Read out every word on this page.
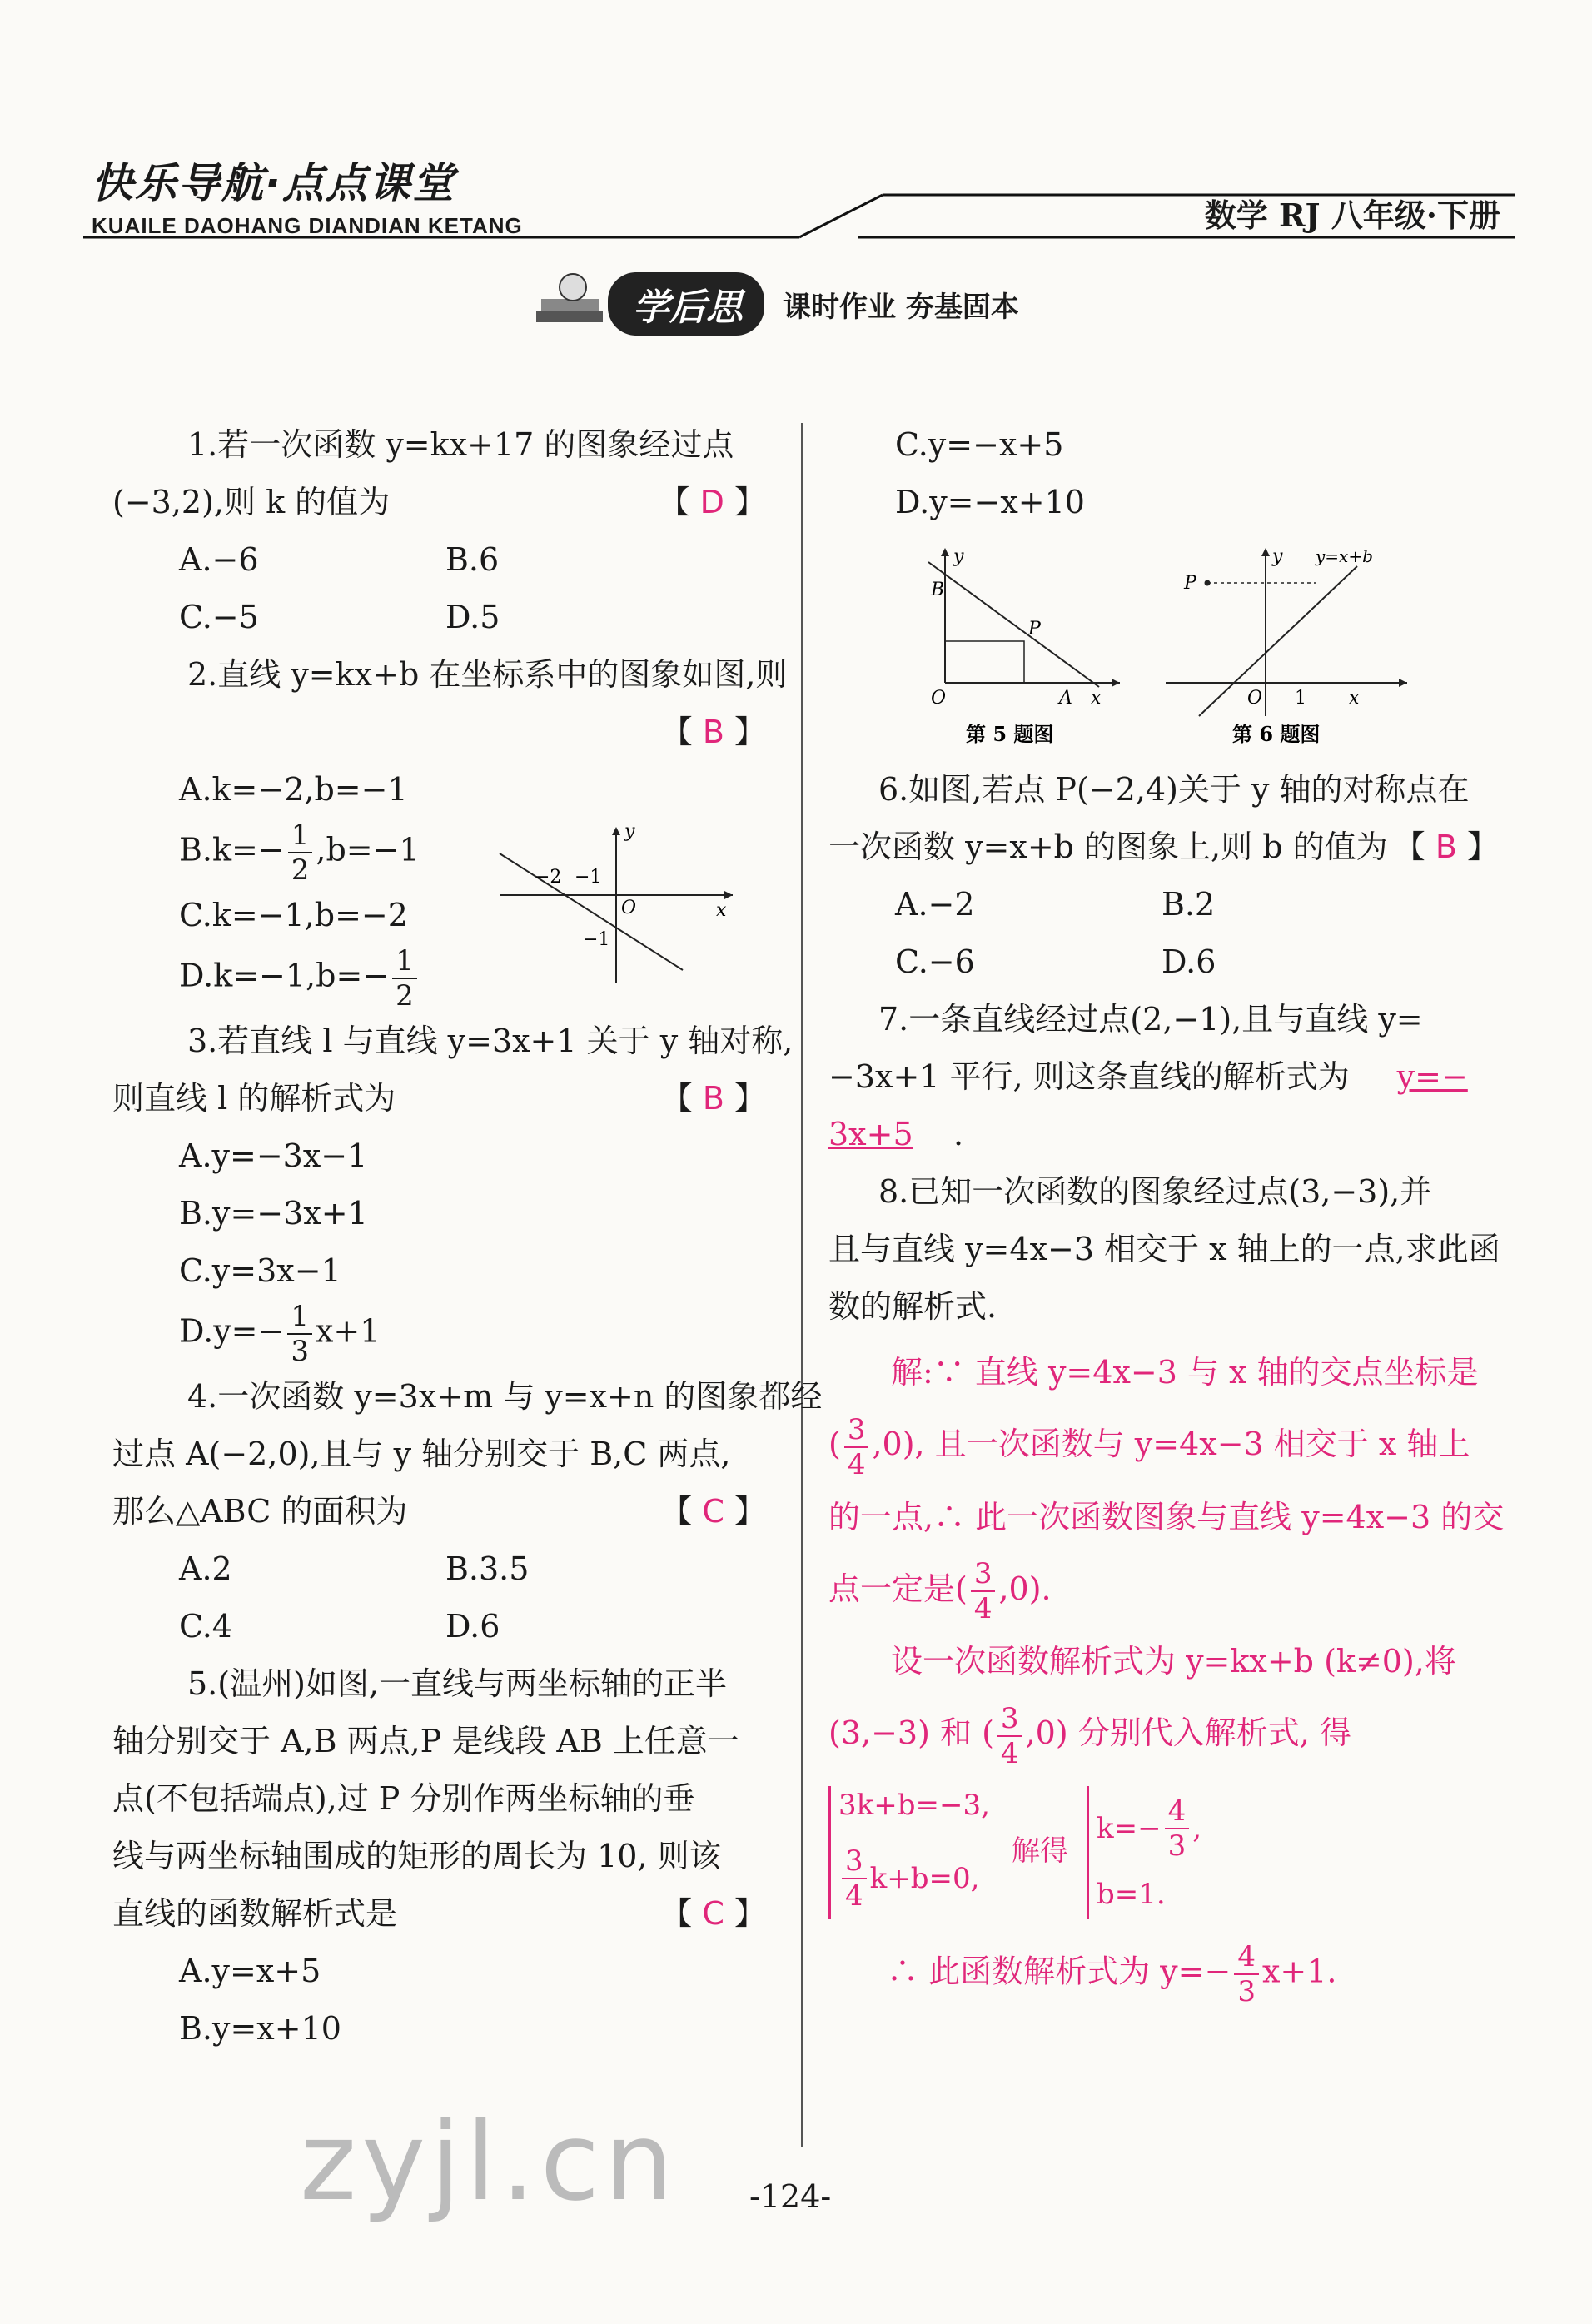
快乐导航·点点课堂
KUAILE DAOHANG DIANDIAN KETANG	数学 RJ 八年级·下册
学后思	课时作业 夯基固本

1.若一次函数 y=kx+17 的图象经过点

(−3,2),则 k 的值为	【 D 】

A.−6	B.6

C.−5	D.5

2.直线 y=kx+b 在坐标系中的图象如图,则

【 B 】

A.k=−2,b=−1

$B.k=- \frac{1}{2} ,b=-1$

C.k=−1,b=−2

$D.k=-1,b=- \frac{1}{2}$

3.若直线 l 与直线 y=3x+1 关于 y 轴对称,

则直线 l 的解析式为	【 B 】

A.y=−3x−1

B.y=−3x+1

C.y=3x−1

$D.y=- \frac{1}{3} x+1$

4.一次函数 y=3x+m 与 y=x+n 的图象都经

过点 A(−2,0),且与 y 轴分别交于 B,C 两点,

那么△ABC 的面积为	【 C 】

A.2	B.3.5

C.4	D.6

5.(温州)如图,一直线与两坐标轴的正半

轴分别交于 A,B 两点,P 是线段 AB 上任意一

点(不包括端点),过 P 分别作两坐标轴的垂

线与两坐标轴围成的矩形的周长为 10, 则该

直线的函数解析式是	【 C 】

A.y=x+5

B.y=x+10

y
x
O
−2 −1
−1

C.y=−x+5

D.y=−x+10

y
B
P
O	A x
第 5 题图
y y=x+b
P
O 1 x
第 6 题图

6.如图,若点 P(−2,4)关于 y 轴的对称点在

一次函数 y=x+b 的图象上,则 b 的值为 【 B 】

A.−2	B.2

C.−6	D.6

7.一条直线经过点(2,−1),且与直线 y=

−3x+1 平行, 则这条直线的解析式为 y=−

3x+5 .

8.已知一次函数的图象经过点(3,−3),并

且与直线 y=4x−3 相交于 x 轴上的一点,求此函

数的解析式.

解:∵ 直线 y=4x−3 与 x 轴的交点坐标是

( $\frac{3}{4} ,0$), 且一次函数与 y=4x−3 相交于 x 轴上

的一点,∴ 此一次函数图象与直线 y=4x−3 的交

点一定是( $\frac{3}{4} ,0$).

设一次函数解析式为 y=kx+b (k≠0),将

(3,−3) 和 ( $\frac{3}{4} ,0$) 分别代入解析式, 得

3k+b=−3,
$\frac{3}{4} k+b=0$,
解得
$k=- \frac{4}{3}$ ,
b=1.

∴ 此函数解析式为 $y=- \frac{4}{3} x+1$.

zyjl.cn -124-
